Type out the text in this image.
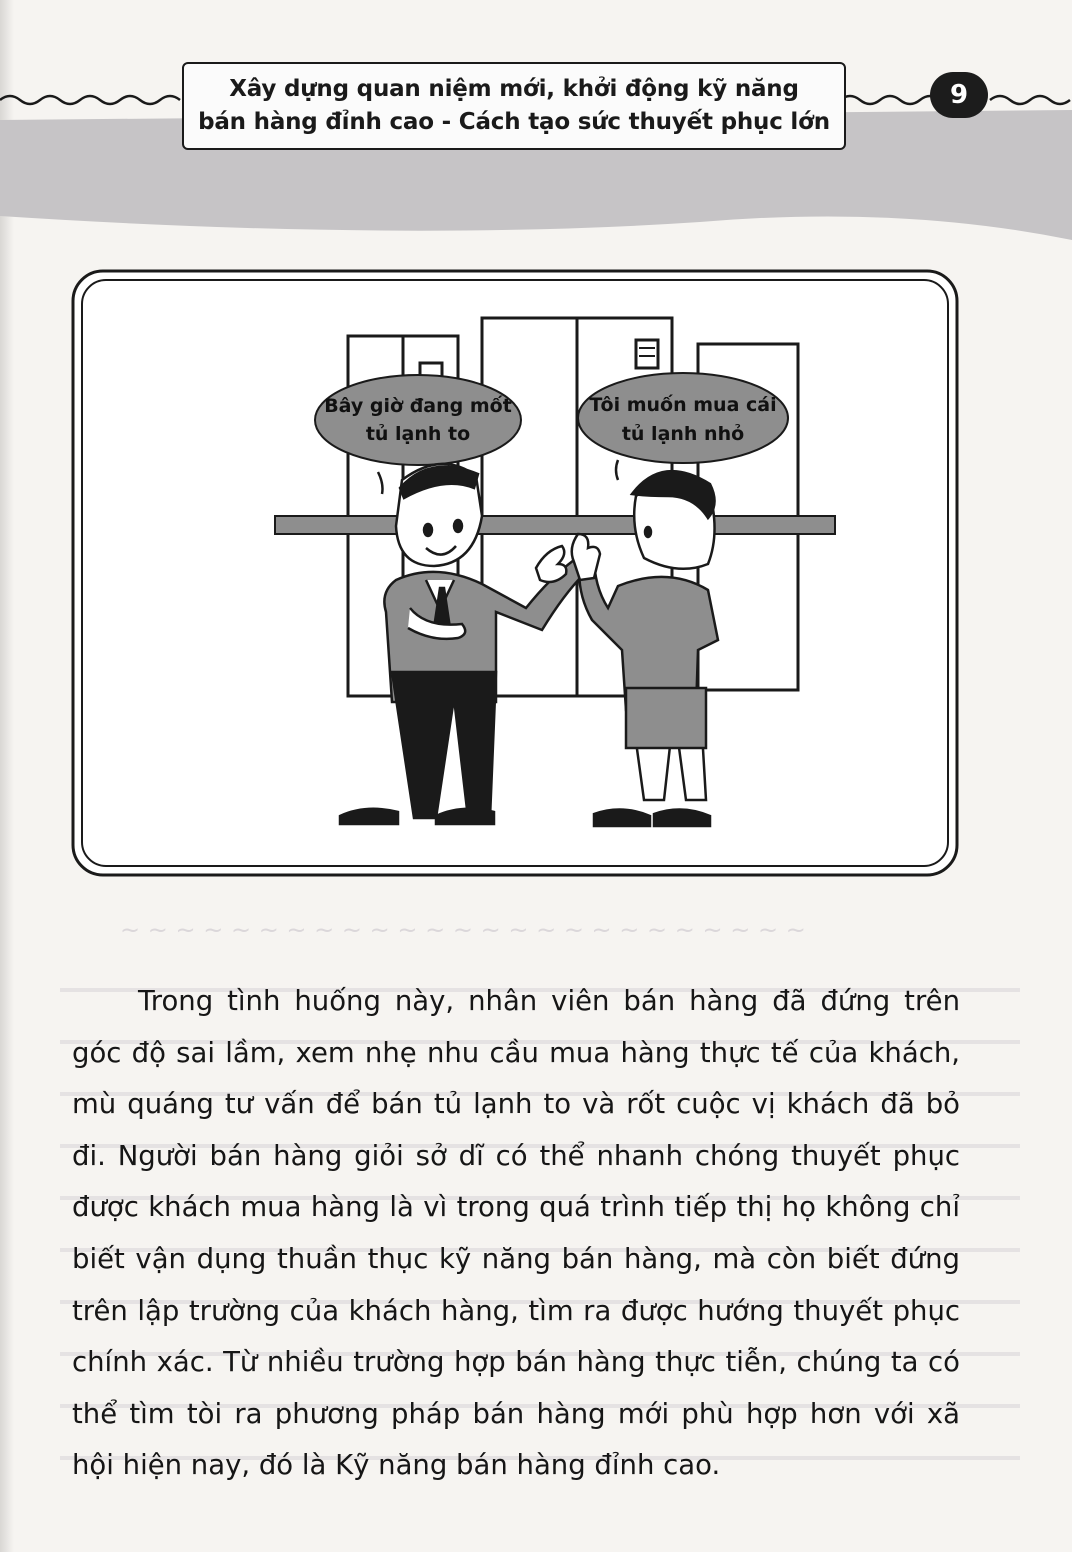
Xây dựng quan niệm mới, khởi động kỹ năng
bán hàng đỉnh cao - Cách tạo sức thuyết phục lớn
9
Bây giờ đang mốt
tủ lạnh to
Tôi muốn mua cái
tủ lạnh nhỏ
~ ~ ~ ~ ~ ~ ~ ~ ~ ~ ~ ~ ~ ~ ~ ~ ~ ~ ~ ~ ~ ~ ~ ~ ~

Trong tình huống này, nhân viên bán hàng đã đứng trên góc độ sai lầm, xem nhẹ nhu cầu mua hàng thực tế của khách, mù quáng tư vấn để bán tủ lạnh to và rốt cuộc vị khách đã bỏ đi. Người bán hàng giỏi sở dĩ có thể nhanh chóng thuyết phục được khách mua hàng là vì trong quá trình tiếp thị họ không chỉ biết vận dụng thuần thục kỹ năng bán hàng, mà còn biết đứng trên lập trường của khách hàng, tìm ra được hướng thuyết phục chính xác. Từ nhiều trường hợp bán hàng thực tiễn, chúng ta có thể tìm tòi ra phương pháp bán hàng mới phù hợp hơn với xã hội hiện nay, đó là Kỹ năng bán hàng đỉnh cao.
